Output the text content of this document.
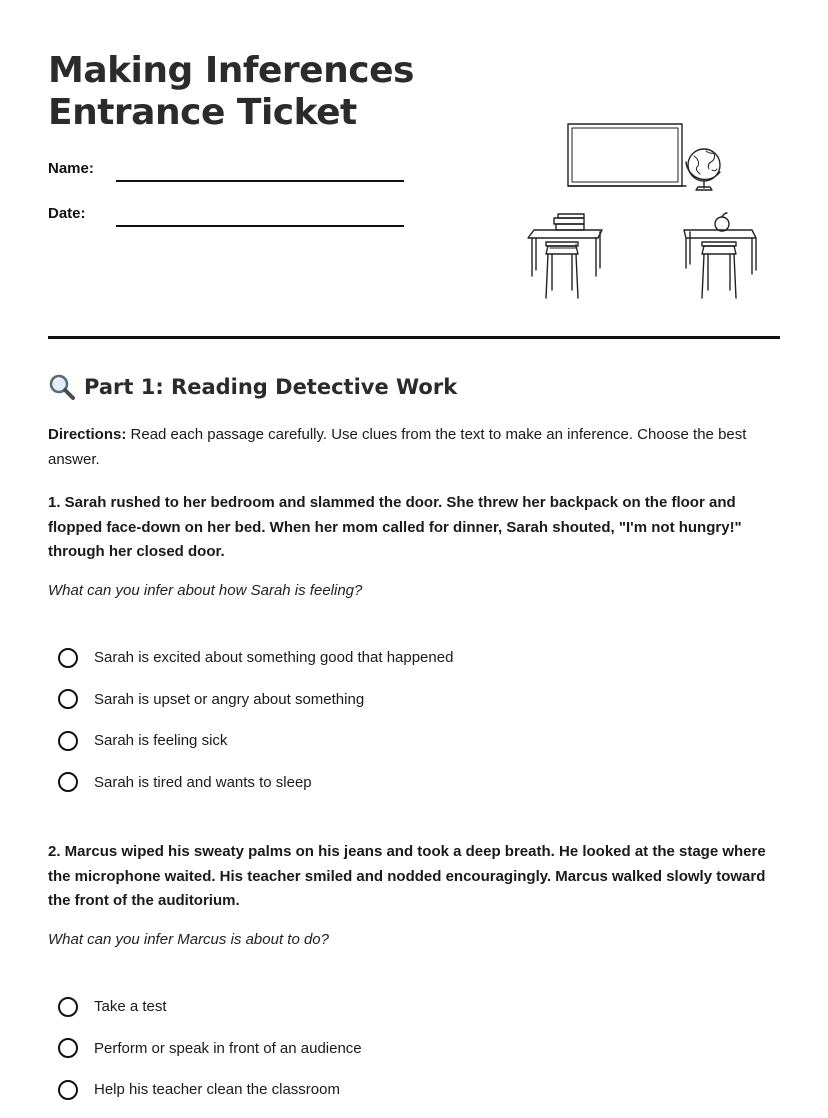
Making Inferences
Entrance Ticket
Name:
Date:
Part 1: Reading Detective Work
Directions: Read each passage carefully. Use clues from the text to make an inference. Choose the best answer.
1. Sarah rushed to her bedroom and slammed the door. She threw her backpack on the floor and flopped face-down on her bed. When her mom called for dinner, Sarah shouted, "I'm not hungry!" through her closed door.
What can you infer about how Sarah is feeling?
Sarah is excited about something good that happened
Sarah is upset or angry about something
Sarah is feeling sick
Sarah is tired and wants to sleep
2. Marcus wiped his sweaty palms on his jeans and took a deep breath. He looked at the stage where the microphone waited. His teacher smiled and nodded encouragingly. Marcus walked slowly toward the front of the auditorium.
What can you infer Marcus is about to do?
Take a test
Perform or speak in front of an audience
Help his teacher clean the classroom
